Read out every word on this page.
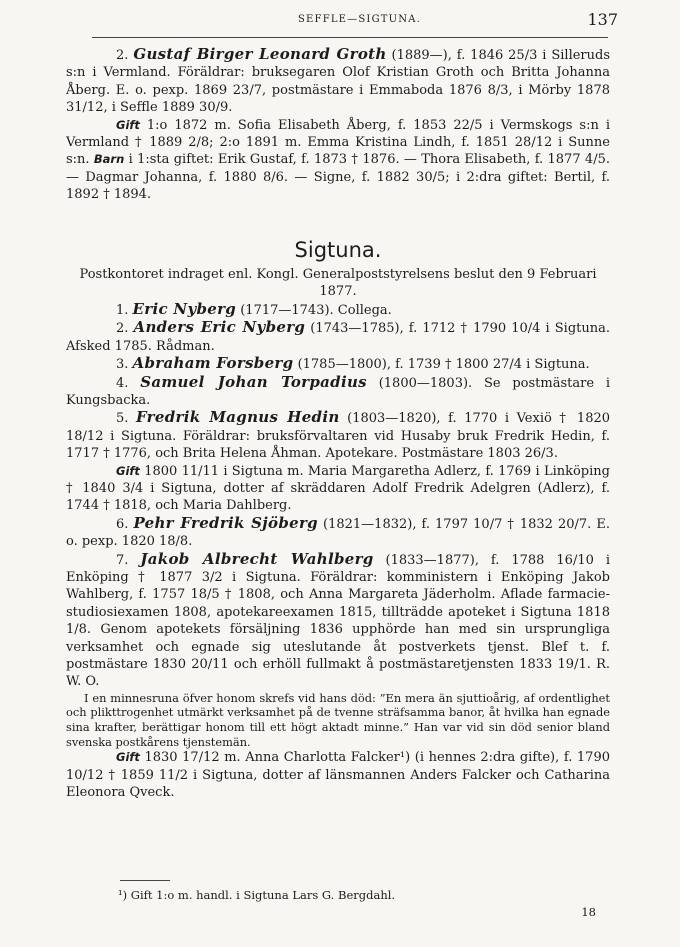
SEFFLE—SIGTUNA.	137

2. Gustaf Birger Leonard Groth (1889—), f. 1846 25/3 i Silleruds s:n i Vermland. Föräldrar: bruksegaren Olof Kristian Groth och Britta Johanna Åberg. E. o. pexp. 1869 23/7, postmästare i Emmaboda 1876 8/3, i Mörby 1878 31/12, i Seffle 1889 30/9.

Gift 1:o 1872 m. Sofia Elisabeth Åberg, f. 1853 22/5 i Vermskogs s:n i Vermland † 1889 2/8; 2:o 1891 m. Emma Kristina Lindh, f. 1851 28/12 i Sunne s:n. Barn i 1:sta giftet: Erik Gustaf, f. 1873 † 1876. — Thora Elisabeth, f. 1877 4/5. — Dagmar Johanna, f. 1880 8/6. — Signe, f. 1882 30/5; i 2:dra giftet: Bertil, f. 1892 † 1894.

Sigtuna.

Postkontoret indraget enl. Kongl. Generalpoststyrelsens beslut den 9 Februari 1877.

1. Eric Nyberg (1717—1743). Collega.

2. Anders Eric Nyberg (1743—1785), f. 1712 † 1790 10/4 i Sigtuna. Afsked 1785. Rådman.

3. Abraham Forsberg (1785—1800), f. 1739 † 1800 27/4 i Sigtuna.

4. Samuel Johan Torpadius (1800—1803). Se postmästare i Kungsbacka.

5. Fredrik Magnus Hedin (1803—1820), f. 1770 i Vexiö † 1820 18/12 i Sigtuna. Föräldrar: bruksförvaltaren vid Husaby bruk Fredrik Hedin, f. 1717 † 1776, och Brita Helena Åhman. Apotekare. Postmästare 1803 26/3.

Gift 1800 11/11 i Sigtuna m. Maria Margaretha Adlerz, f. 1769 i Linköping † 1840 3/4 i Sigtuna, dotter af skräddaren Adolf Fredrik Adelgren (Adlerz), f. 1744 † 1818, och Maria Dahlberg.

6. Pehr Fredrik Sjöberg (1821—1832), f. 1797 10/7 † 1832 20/7. E. o. pexp. 1820 18/8.

7. Jakob Albrecht Wahlberg (1833—1877), f. 1788 16/10 i Enköping † 1877 3/2 i Sigtuna. Föräldrar: komministern i Enköping Jakob Wahlberg, f. 1757 18/5 † 1808, och Anna Margareta Jäderholm. Aflade farmacie-studiosiexamen 1808, apotekareexamen 1815, tillträdde apoteket i Sigtuna 1818 1/8. Genom apotekets försäljning 1836 upphörde han med sin ursprungliga verksamhet och egnade sig uteslutande åt postverkets tjenst. Blef t. f. postmästare 1830 20/11 och erhöll fullmakt å postmästaretjensten 1833 19/1. R. W. O.

I en minnesruna öfver honom skrefs vid hans död: ”En mera än sjuttioårig, af ordentlighet och plikttrogenhet utmärkt verksamhet på de tvenne sträfsamma banor, åt hvilka han egnade sina krafter, berättigar honom till ett högt aktadt minne.” Han var vid sin död senior bland svenska postkårens tjenstemän.

Gift 1830 17/12 m. Anna Charlotta Falcker¹) (i hennes 2:dra gifte), f. 1790 10/12 † 1859 11/2 i Sigtuna, dotter af länsmannen Anders Falcker och Catharina Eleonora Qveck.

¹) Gift 1:o m. handl. i Sigtuna Lars G. Bergdahl.
18
